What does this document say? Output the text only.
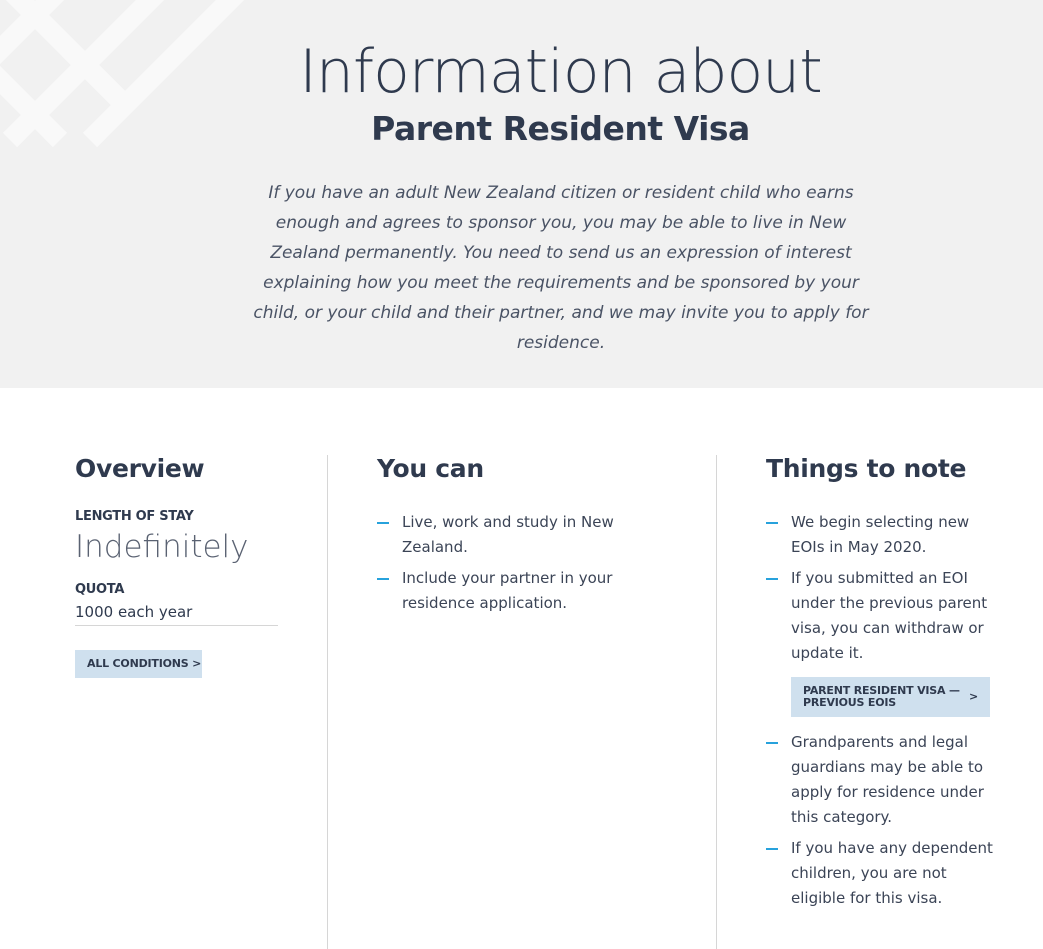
Information about
Parent Resident Visa
If you have an adult New Zealand citizen or resident child who earns enough and agrees to sponsor you, you may be able to live in New Zealand permanently. You need to send us an expression of interest explaining how you meet the requirements and be sponsored by your child, or your child and their partner, and we may invite you to apply for residence.
Overview
LENGTH OF STAY
Indefinitely
QUOTA
1000 each year
ALL CONDITIONS >
You can
Live, work and study in New Zealand.
Include your partner in your residence application.
Things to note
We begin selecting new EOIs in May 2020.
If you submitted an EOI under the previous parent visa, you can withdraw or update it.
PARENT RESIDENT VISA — PREVIOUS EOIS	>
Grandparents and legal guardians may be able to apply for residence under this category.
If you have any dependent children, you are not eligible for this visa.
